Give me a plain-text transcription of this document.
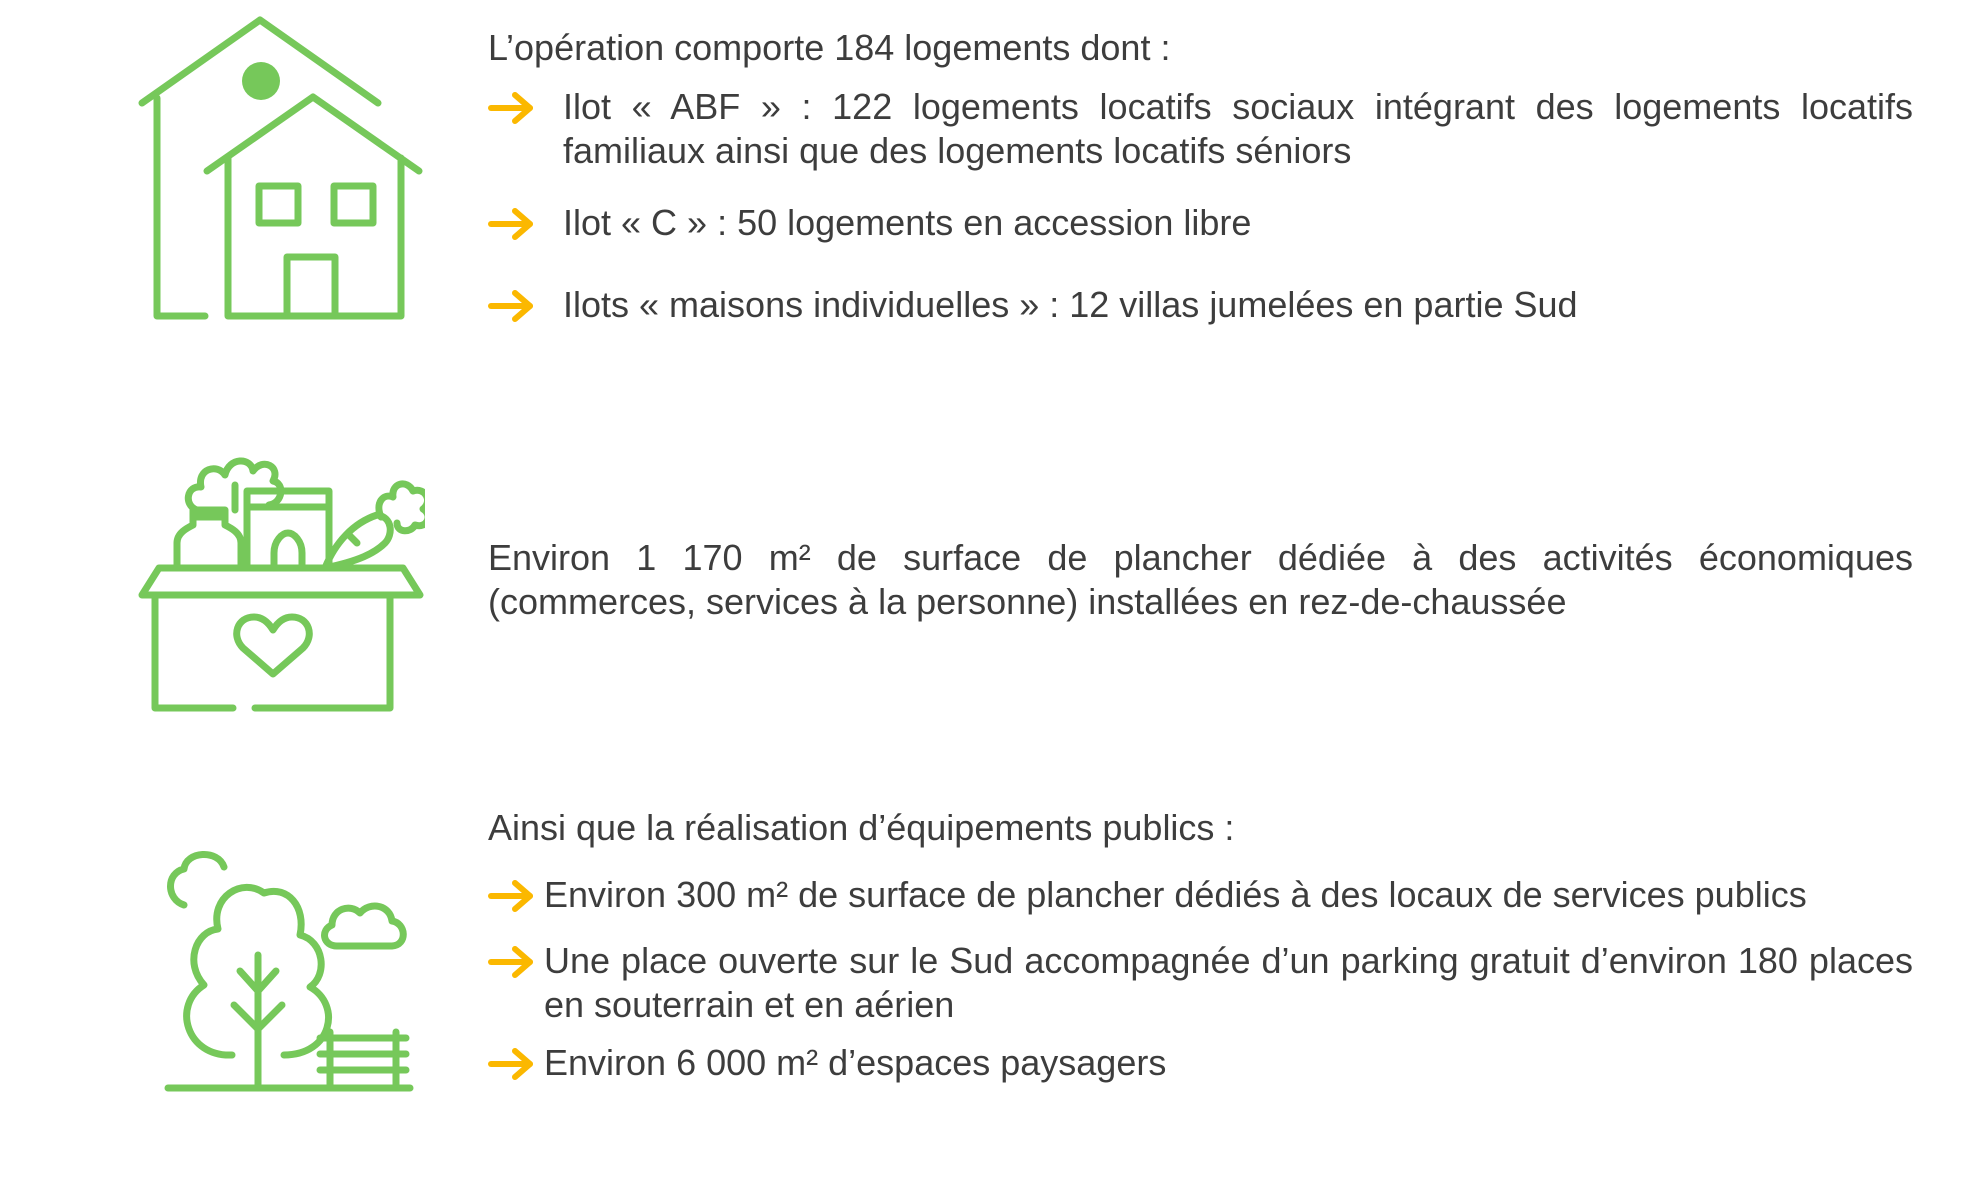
L’opération comporte 184 logements dont :

Ilot « ABF » : 122 logements locatifs sociaux intégrant des logements locatifs familiaux ainsi que des logements locatifs séniors
Ilot « C » : 50 logements en accession libre
Ilots « maisons individuelles » : 12 villas jumelées en partie Sud

Environ 1 170 m² de surface de plancher dédiée à des activités économiques (commerces, services à la personne) installées en rez-de-chaussée

Ainsi que la réalisation d’équipements publics :

Environ 300 m² de surface de plancher dédiés à des locaux de services publics
Une place ouverte sur le Sud accompagnée d’un parking gratuit d’environ 180 places en souterrain et en aérien
Environ 6 000 m² d’espaces paysagers
